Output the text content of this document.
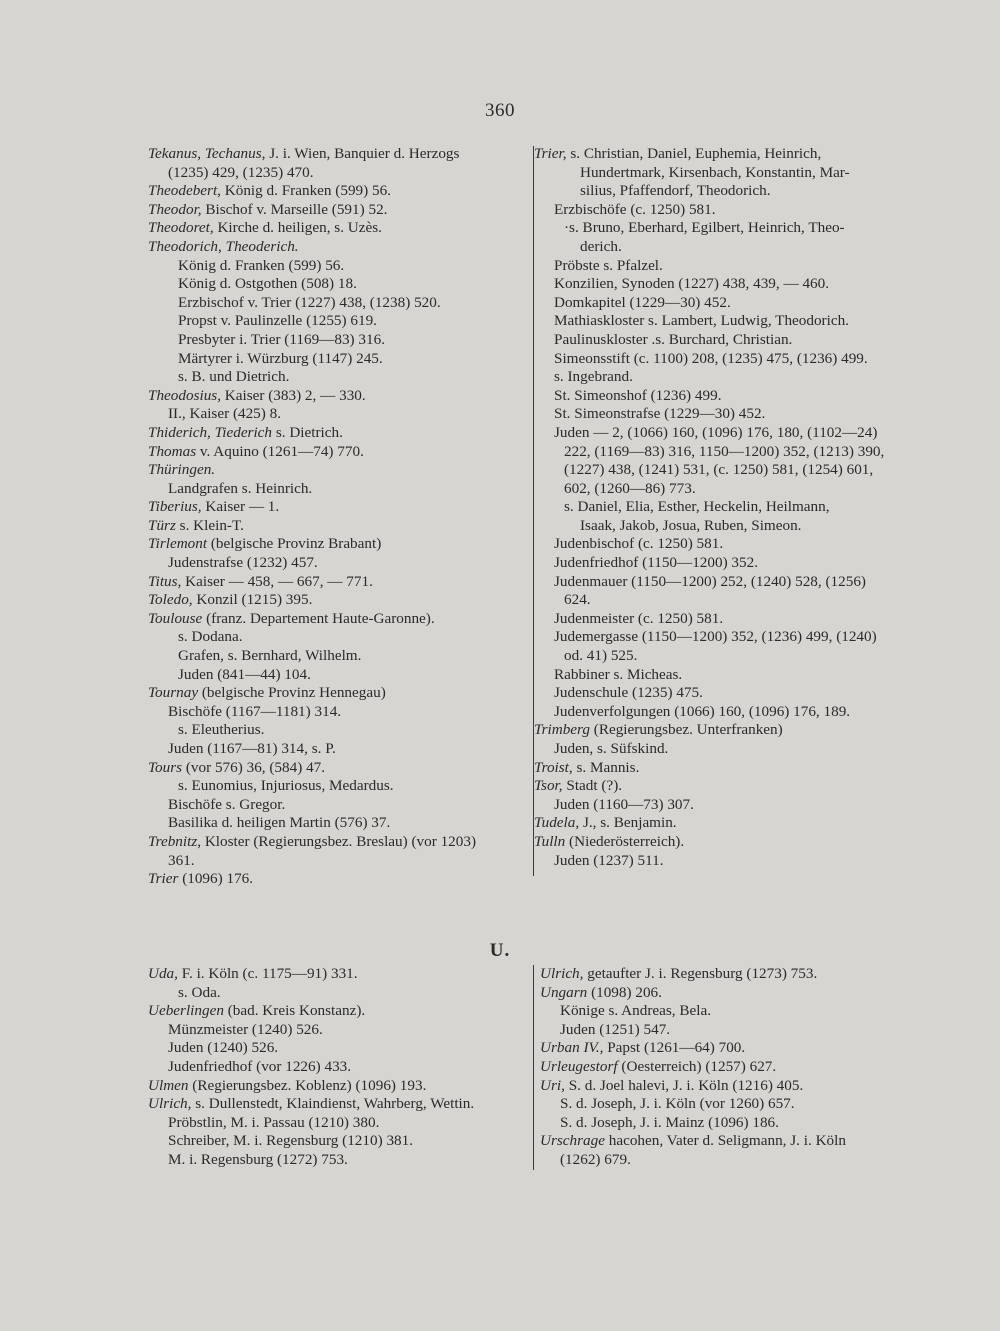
360
Tekanus, Techanus, J. i. Wien, Banquier d. Herzogs
(1235) 429, (1235) 470.
Theodebert, König d. Franken (599) 56.
Theodor, Bischof v. Marseille (591) 52.
Theodoret, Kirche d. heiligen, s. Uzès.
Theodorich, Theoderich.
König d. Franken (599) 56.
König d. Ostgothen (508) 18.
Erzbischof v. Trier (1227) 438, (1238) 520.
Propst v. Paulinzelle (1255) 619.
Presbyter i. Trier (1169—83) 316.
Märtyrer i. Würzburg (1147) 245.
s. B. und Dietrich.
Theodosius, Kaiser (383) 2, — 330.
II., Kaiser (425) 8.
Thiderich, Tiederich s. Dietrich.
Thomas v. Aquino (1261—74) 770.
Thüringen.
Landgrafen s. Heinrich.
Tiberius, Kaiser — 1.
Türz s. Klein-T.
Tirlemont (belgische Provinz Brabant)
Judenstrafse (1232) 457.
Titus, Kaiser — 458, — 667, — 771.
Toledo, Konzil (1215) 395.
Toulouse (franz. Departement Haute-Garonne).
s. Dodana.
Grafen, s. Bernhard, Wilhelm.
Juden (841—44) 104.
Tournay (belgische Provinz Hennegau)
Bischöfe (1167—1181) 314.
s. Eleutherius.
Juden (1167—81) 314, s. P.
Tours (vor 576) 36, (584) 47.
s. Eunomius, Injuriosus, Medardus.
Bischöfe s. Gregor.
Basilika d. heiligen Martin (576) 37.
Trebnitz, Kloster (Regierungsbez. Breslau) (vor 1203)
361.
Trier (1096) 176.
Trier, s. Christian, Daniel, Euphemia, Heinrich,
Hundertmark, Kirsenbach, Konstantin, Mar-
silius, Pfaffendorf, Theodorich.
Erzbischöfe (c. 1250) 581.
·s. Bruno, Eberhard, Egilbert, Heinrich, Theo-
derich.
Pröbste s. Pfalzel.
Konzilien, Synoden (1227) 438, 439, — 460.
Domkapitel (1229—30) 452.
Mathiaskloster s. Lambert, Ludwig, Theodorich.
Paulinuskloster .s. Burchard, Christian.
Simeonsstift (c. 1100) 208, (1235) 475, (1236) 499.
s. Ingebrand.
St. Simeonshof (1236) 499.
St. Simeonstrafse (1229—30) 452.
Juden — 2, (1066) 160, (1096) 176, 180, (1102—24)
222, (1169—83) 316, 1150—1200) 352, (1213) 390,
(1227) 438, (1241) 531, (c. 1250) 581, (1254) 601,
602, (1260—86) 773.
s. Daniel, Elia, Esther, Heckelin, Heilmann,
Isaak, Jakob, Josua, Ruben, Simeon.
Judenbischof (c. 1250) 581.
Judenfriedhof (1150—1200) 352.
Judenmauer (1150—1200) 252, (1240) 528, (1256)
624.
Judenmeister (c. 1250) 581.
Judemergasse (1150—1200) 352, (1236) 499, (1240)
od. 41) 525.
Rabbiner s. Micheas.
Judenschule (1235) 475.
Judenverfolgungen (1066) 160, (1096) 176, 189.
Trimberg (Regierungsbez. Unterfranken)
Juden, s. Süfskind.
Troist, s. Mannis.
Tsor, Stadt (?).
Juden (1160—73) 307.
Tudela, J., s. Benjamin.
Tulln (Niederösterreich).
Juden (1237) 511.
U.
Uda, F. i. Köln (c. 1175—91) 331.
s. Oda.
Ueberlingen (bad. Kreis Konstanz).
Münzmeister (1240) 526.
Juden (1240) 526.
Judenfriedhof (vor 1226) 433.
Ulmen (Regierungsbez. Koblenz) (1096) 193.
Ulrich, s. Dullenstedt, Klaindienst, Wahrberg, Wettin.
Pröbstlin, M. i. Passau (1210) 380.
Schreiber, M. i. Regensburg (1210) 381.
M. i. Regensburg (1272) 753.
Ulrich, getaufter J. i. Regensburg (1273) 753.
Ungarn (1098) 206.
Könige s. Andreas, Bela.
Juden (1251) 547.
Urban IV., Papst (1261—64) 700.
Urleugestorf (Oesterreich) (1257) 627.
Uri, S. d. Joel halevi, J. i. Köln (1216) 405.
S. d. Joseph, J. i. Köln (vor 1260) 657.
S. d. Joseph, J. i. Mainz (1096) 186.
Urschrage hacohen, Vater d. Seligmann, J. i. Köln
(1262) 679.
